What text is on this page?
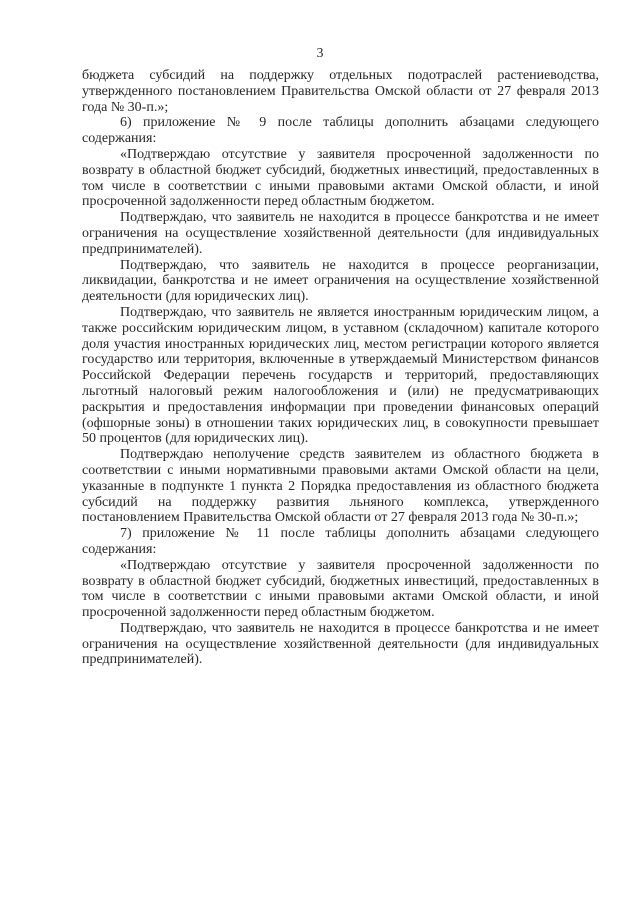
3

бюджета субсидий на поддержку отдельных подотраслей растениеводства, утвержденного постановлением Правительства Омской области от 27 февраля 2013 года № 30-п.»;

6) приложение № 9 после таблицы дополнить абзацами следующего содержания:

«Подтверждаю отсутствие у заявителя просроченной задолженности по возврату в областной бюджет субсидий, бюджетных инвестиций, предоставленных в том числе в соответствии с иными правовыми актами Омской области, и иной просроченной задолженности перед областным бюджетом.

Подтверждаю, что заявитель не находится в процессе банкротства и не имеет ограничения на осуществление хозяйственной деятельности (для индивидуальных предпринимателей).

Подтверждаю, что заявитель не находится в процессе реорганизации, ликвидации, банкротства и не имеет ограничения на осуществление хозяйственной деятельности (для юридических лиц).

Подтверждаю, что заявитель не является иностранным юридическим лицом, а также российским юридическим лицом, в уставном (складочном) капитале которого доля участия иностранных юридических лиц, местом регистрации которого является государство или территория, включенные в утверждаемый Министерством финансов Российской Федерации перечень государств и территорий, предоставляющих льготный налоговый режим налогообложения и (или) не предусматривающих раскрытия и предоставления информации при проведении финансовых операций (офшорные зоны) в отношении таких юридических лиц, в совокупности превышает 50 процентов (для юридических лиц).

Подтверждаю неполучение средств заявителем из областного бюджета в соответствии с иными нормативными правовыми актами Омской области на цели, указанные в подпункте 1 пункта 2 Порядка предоставления из областного бюджета субсидий на поддержку развития льняного комплекса, утвержденного постановлением Правительства Омской области от 27 февраля 2013 года № 30-п.»;

7) приложение № 11 после таблицы дополнить абзацами следующего содержания:

«Подтверждаю отсутствие у заявителя просроченной задолженности по возврату в областной бюджет субсидий, бюджетных инвестиций, предоставленных в том числе в соответствии с иными правовыми актами Омской области, и иной просроченной задолженности перед областным бюджетом.

Подтверждаю, что заявитель не находится в процессе банкротства и не имеет ограничения на осуществление хозяйственной деятельности (для индивидуальных предпринимателей).
